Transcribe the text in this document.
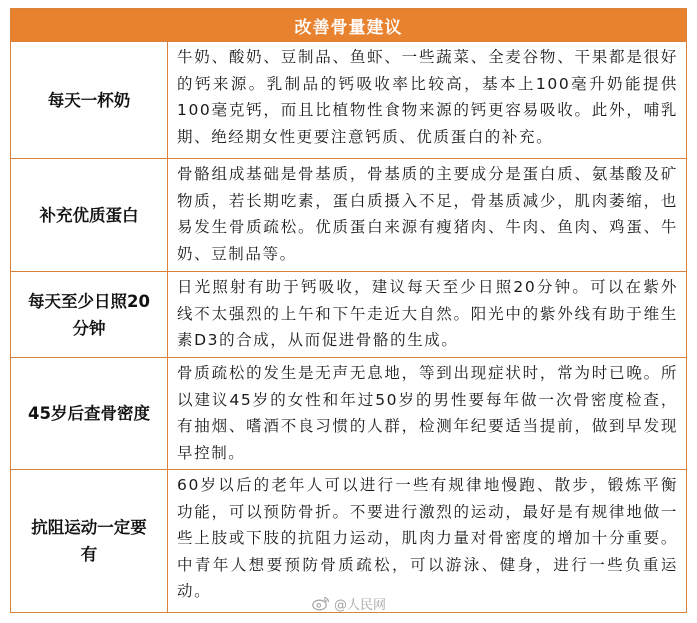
改善骨量建议
每天一杯奶
牛奶、酸奶、豆制品、鱼虾、一些蔬菜、全麦谷物、干果都是很好的钙来源。乳制品的钙吸收率比较高，基本上100毫升奶能提供100毫克钙，而且比植物性食物来源的钙更容易吸收。此外，哺乳期、绝经期女性更要注意钙质、优质蛋白的补充。
补充优质蛋白
骨骼组成基础是骨基质，骨基质的主要成分是蛋白质、氨基酸及矿物质，若长期吃素，蛋白质摄入不足，骨基质减少，肌肉萎缩，也易发生骨质疏松。优质蛋白来源有瘦猪肉、牛肉、鱼肉、鸡蛋、牛奶、豆制品等。
每天至少日照20分钟
日光照射有助于钙吸收，建议每天至少日照20分钟。可以在紫外线不太强烈的上午和下午走近大自然。阳光中的紫外线有助于维生素D3的合成，从而促进骨骼的生成。
45岁后查骨密度
骨质疏松的发生是无声无息地，等到出现症状时，常为时已晚。所以建议45岁的女性和年过50岁的男性要每年做一次骨密度检查，有抽烟、嗜酒不良习惯的人群，检测年纪要适当提前，做到早发现早控制。
抗阻运动一定要有
60岁以后的老年人可以进行一些有规律地慢跑、散步，锻炼平衡功能，可以预防骨折。不要进行激烈的运动，最好是有规律地做一些上肢或下肢的抗阻力运动，肌肉力量对骨密度的增加十分重要。中青年人想要预防骨质疏松，可以游泳、健身，进行一些负重运动。
@人民网
